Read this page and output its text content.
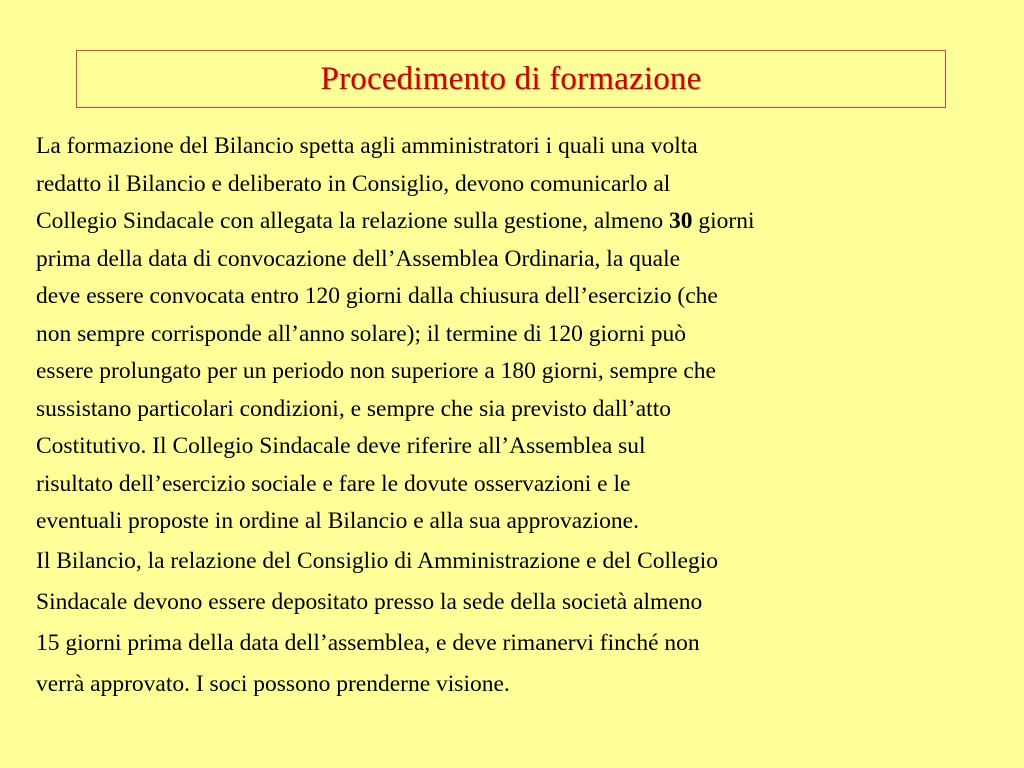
Procedimento di formazione
La formazione del Bilancio spetta agli amministratori i quali una volta
redatto il Bilancio e deliberato in Consiglio, devono comunicarlo al
Collegio Sindacale con allegata la relazione sulla gestione, almeno 30 giorni
prima della data di convocazione dell’Assemblea Ordinaria, la quale
deve essere convocata entro 120 giorni dalla chiusura dell’esercizio (che
non sempre corrisponde all’anno solare); il termine di 120 giorni può
essere prolungato per un periodo non superiore a 180 giorni, sempre che
sussistano particolari condizioni, e sempre che sia previsto dall’atto
Costitutivo. Il Collegio Sindacale deve riferire all’Assemblea sul
risultato dell’esercizio sociale e fare le dovute osservazioni e le
eventuali proposte in ordine al Bilancio e alla sua approvazione.
Il Bilancio, la relazione del Consiglio di Amministrazione e del Collegio
Sindacale devono essere depositato presso la sede della società almeno
15 giorni prima della data dell’assemblea, e deve rimanervi finché non
verrà approvato. I soci possono prenderne visione.
